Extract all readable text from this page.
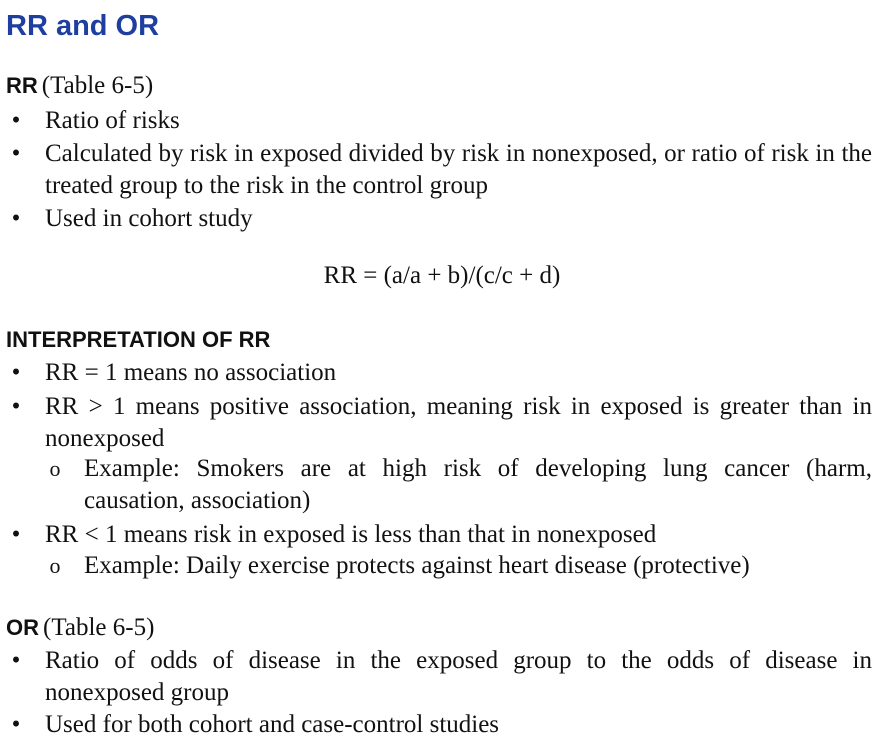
RR and OR
RR (Table 6-5)
• Ratio of risks
• Calculated by risk in exposed divided by risk in nonexposed, or ratio of risk in the treated group to the risk in the control group
• Used in cohort study
RR = (a/a + b)/(c/c + d)
INTERPRETATION OF RR
• RR = 1 means no association
• RR > 1 means positive association, meaning risk in exposed is greater than in nonexposed
o Example: Smokers are at high risk of developing lung cancer (harm, causation, association)
• RR < 1 means risk in exposed is less than that in nonexposed
o Example: Daily exercise protects against heart disease (protective)
OR (Table 6-5)
• Ratio of odds of disease in the exposed group to the odds of disease in nonexposed group
• Used for both cohort and case-control studies
